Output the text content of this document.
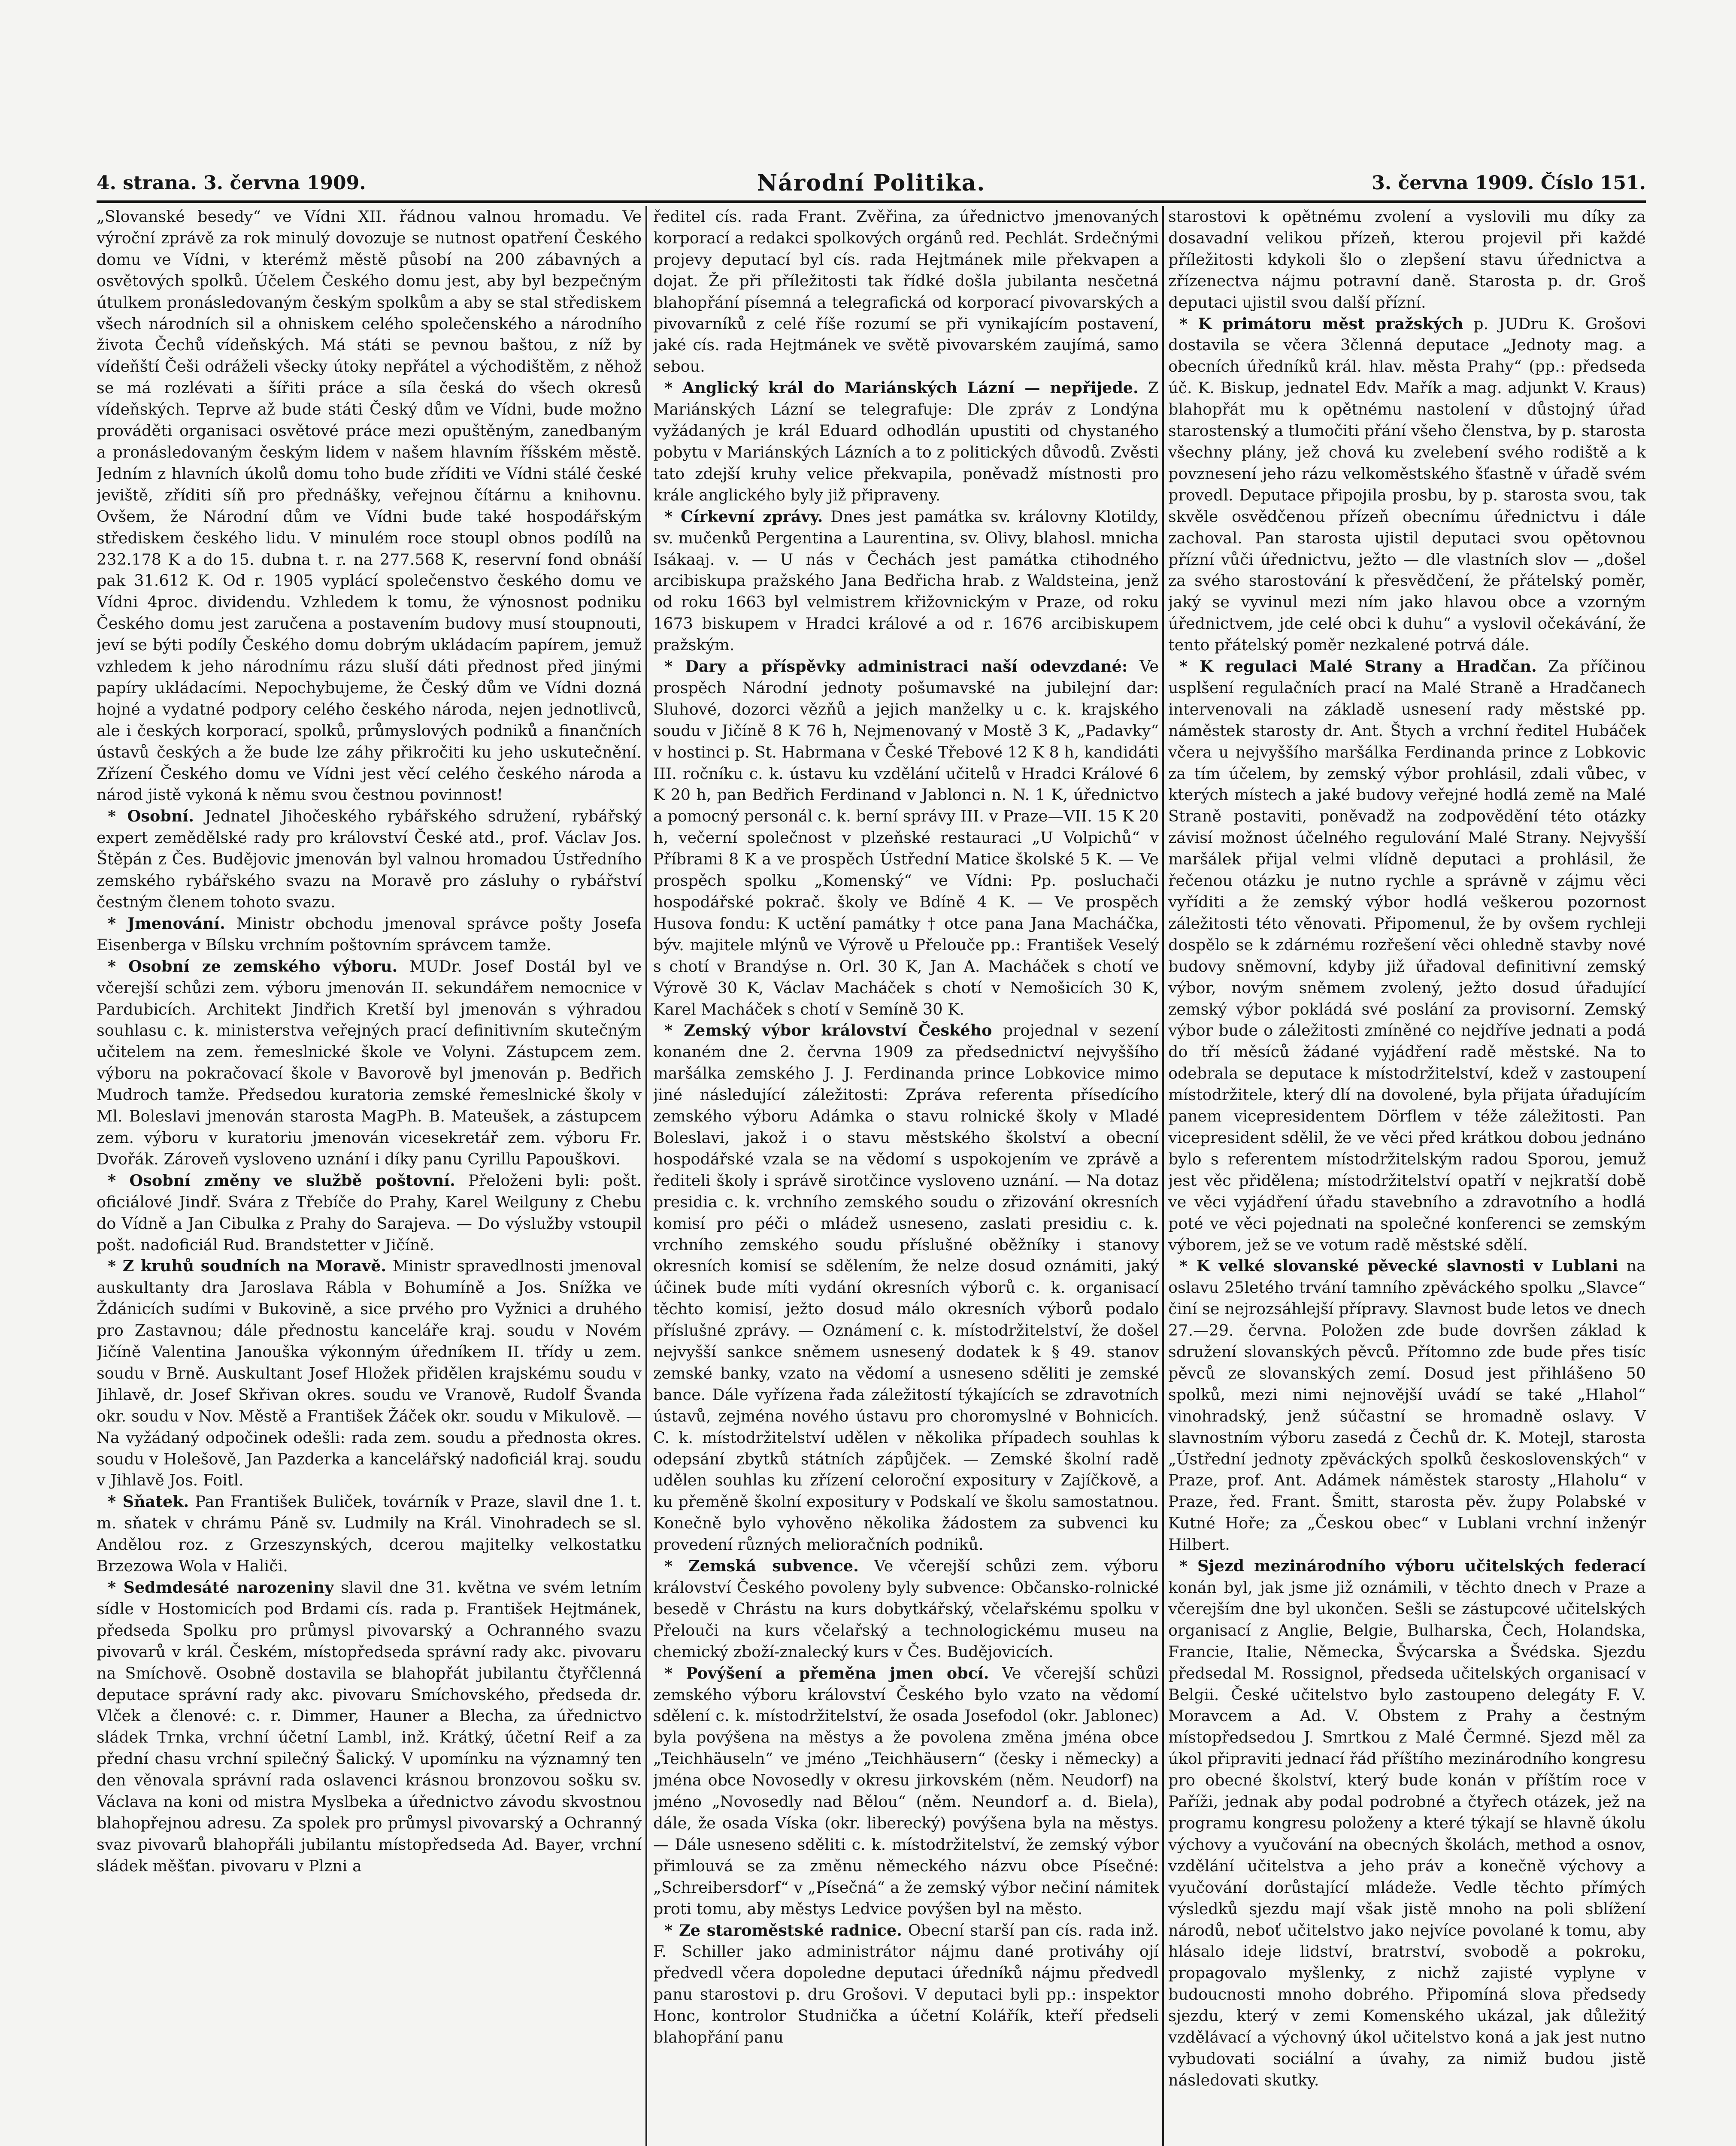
4. strana. 3. června 1909.	Národní Politika.	3. června 1909. Číslo 151.

„Slovanské besedy“ ve Vídni XII. řádnou valnou hromadu. Ve výroční zprávě za rok minulý dovozuje se nutnost opatření Českého domu ve Vídni, v kterémž městě působí na 200 zábavných a osvětových spolků. Účelem Českého domu jest, aby byl bezpečným útulkem pronásledovaným českým spolkům a aby se stal střediskem všech národních sil a ohniskem celého společenského a národního života Čechů vídeňských. Má státi se pevnou baštou, z níž by vídeňští Češi odráželi všecky útoky nepřátel a východištěm, z něhož se má rozlévati a šířiti práce a síla česká do všech okresů vídeňských. Teprve až bude státi Český dům ve Vídni, bude možno prováděti organisaci osvětové práce mezi opuštěným, zanedbaným a pronásledovaným českým lidem v našem hlavním říšském městě. Jedním z hlavních úkolů domu toho bude zříditi ve Vídni stálé české jeviště, zříditi síň pro přednášky, veřejnou čítárnu a knihovnu. Ovšem, že Národní dům ve Vídni bude také hospodářským střediskem českého lidu. V minulém roce stoupl obnos podílů na 232.178 K a do 15. dubna t. r. na 277.568 K, reservní fond obnáší pak 31.612 K. Od r. 1905 vyplácí společenstvo českého domu ve Vídni 4proc. dividendu. Vzhledem k tomu, že výnosnost podniku Českého domu jest zaručena a postavením budovy musí stoupnouti, jeví se býti podíly Českého domu dobrým ukládacím papírem, jemuž vzhledem k jeho národnímu rázu sluší dáti přednost před jinými papíry ukládacími. Nepochybujeme, že Český dům ve Vídni dozná hojné a vydatné podpory celého českého národa, nejen jednotlivců, ale i českých korporací, spolků, průmyslových podniků a finančních ústavů českých a že bude lze záhy přikročiti ku jeho uskutečnění. Zřízení Českého domu ve Vídni jest věcí celého českého národa a národ jistě vykoná k němu svou čestnou povinnost!

* Osobní. Jednatel Jihočeského rybářského sdružení, rybářský expert zemědělské rady pro království České atd., prof. Václav Jos. Štěpán z Čes. Budějovic jmenován byl valnou hromadou Ústředního zemského rybářského svazu na Moravě pro zásluhy o rybářství čestným členem tohoto svazu.

* Jmenování. Ministr obchodu jmenoval správce pošty Josefa Eisenberga v Bílsku vrchním poštovním správcem tamže.

* Osobní ze zemského výboru. MUDr. Josef Dostál byl ve včerejší schůzi zem. výboru jmenován II. sekundářem nemocnice v Pardubicích. Architekt Jindřich Kretší byl jmenován s výhradou souhlasu c. k. ministerstva veřejných prací definitivním skutečným učitelem na zem. řemeslnické škole ve Volyni. Zástupcem zem. výboru na pokračovací škole v Bavorově byl jmenován p. Bedřich Mudroch tamže. Předsedou kuratoria zemské řemeslnické školy v Ml. Boleslavi jmenován starosta MagPh. B. Mateušek, a zástupcem zem. výboru v kuratoriu jmenován vicesekretář zem. výboru Fr. Dvořák. Zároveň vysloveno uznání i díky panu Cyrillu Papouškovi.

* Osobní změny ve službě poštovní. Přeloženi byli: pošt. oficiálové Jindř. Svára z Třebíče do Prahy, Karel Weilguny z Chebu do Vídně a Jan Cibulka z Prahy do Sarajeva. — Do výslužby vstoupil pošt. nadoficiál Rud. Brandstetter v Jičíně.

* Z kruhů soudních na Moravě. Ministr spravedlnosti jmenoval auskultanty dra Jaroslava Rábla v Bohumíně a Jos. Snížka ve Ždánicích sudími v Bukovině, a sice prvého pro Vyžnici a druhého pro Zastavnou; dále přednostu kanceláře kraj. soudu v Novém Jičíně Valentina Janouška výkonným úředníkem II. třídy u zem. soudu v Brně. Auskultant Josef Hložek přidělen krajskému soudu v Jihlavě, dr. Josef Skřivan okres. soudu ve Vranově, Rudolf Švanda okr. soudu v Nov. Městě a František Žáček okr. soudu v Mikulově. — Na vyžádaný odpočinek odešli: rada zem. soudu a přednosta okres. soudu v Holešově, Jan Pazderka a kancelářský nadoficiál kraj. soudu v Jihlavě Jos. Foitl.

* Sňatek. Pan František Buliček, továrník v Praze, slavil dne 1. t. m. sňatek v chrámu Páně sv. Ludmily na Král. Vinohradech se sl. Andělou roz. z Grzeszynských, dcerou majitelky velkostatku Brzezowa Wola v Haliči.

* Sedmdesáté narozeniny slavil dne 31. května ve svém letním sídle v Hostomicích pod Brdami cís. rada p. František Hejtmánek, předseda Spolku pro průmysl pivovarský a Ochranného svazu pivovarů v král. Českém, místopředseda správní rady akc. pivovaru na Smíchově. Osobně dostavila se blahopřát jubilantu čtyřčlenná deputace správní rady akc. pivovaru Smíchovského, předseda dr. Vlček a členové: c. r. Dimmer, Hauner a Blecha, za úřednictvo sládek Trnka, vrchní účetní Lambl, inž. Krátký, účetní Reif a za přední chasu vrchní spilečný Šalický. V upomínku na významný ten den věnovala správní rada oslavenci krásnou bronzovou sošku sv. Václava na koni od mistra Myslbeka a úřednictvo závodu skvostnou blahopřejnou adresu. Za spolek pro průmysl pivovarský a Ochranný svaz pivovarů blahopřáli jubilantu místopředseda Ad. Bayer, vrchní sládek měšťan. pivovaru v Plzni a

ředitel cís. rada Frant. Zvěřina, za úřednictvo jmenovaných korporací a redakci spolkových orgánů red. Pechlát. Srdečnými projevy deputací byl cís. rada Hejtmánek mile překvapen a dojat. Že při příležitosti tak řídké došla jubilanta nesčetná blahopřání písemná a telegrafická od korporací pivovarských a pivovarníků z celé říše rozumí se při vynikajícím postavení, jaké cís. rada Hejtmánek ve světě pivovarském zaujímá, samo sebou.

* Anglický král do Mariánských Lázní — nepřijede. Z Mariánských Lázní se telegrafuje: Dle zpráv z Londýna vyžádaných je král Eduard odhodlán upustiti od chystaného pobytu v Mariánských Lázních a to z politických důvodů. Zvěsti tato zdejší kruhy velice překvapila, poněvadž místnosti pro krále anglického byly již připraveny.

* Církevní zprávy. Dnes jest památka sv. královny Klotildy, sv. mučenků Pergentina a Laurentina, sv. Olivy, blahosl. mnicha Isákaaj. v. — U nás v Čechách jest památka ctihodného arcibiskupa pražského Jana Bedřicha hrab. z Waldsteina, jenž od roku 1663 byl velmistrem křižovnickým v Praze, od roku 1673 biskupem v Hradci králové a od r. 1676 arcibiskupem pražským.

* Dary a příspěvky administraci naší odevzdané: Ve prospěch Národní jednoty pošumavské na jubilejní dar: Sluhové, dozorci vězňů a jejich manželky u c. k. krajského soudu v Jičíně 8 K 76 h, Nejmenovaný v Mostě 3 K, „Padavky“ v hostinci p. St. Habrmana v České Třebové 12 K 8 h, kandidáti III. ročníku c. k. ústavu ku vzdělání učitelů v Hradci Králové 6 K 20 h, pan Bedřich Ferdinand v Jablonci n. N. 1 K, úřednictvo a pomocný personál c. k. berní správy III. v Praze—VII. 15 K 20 h, večerní společnost v plzeňské restauraci „U Volpichů“ v Příbrami 8 K a ve prospěch Ústřední Matice školské 5 K. — Ve prospěch spolku „Komenský“ ve Vídni: Pp. posluchači hospodářské pokrač. školy ve Bdíně 4 K. — Ve prospěch Husova fondu: K uctění památky † otce pana Jana Macháčka, býv. majitele mlýnů ve Výrově u Přelouče pp.: František Veselý s chotí v Brandýse n. Orl. 30 K, Jan A. Macháček s chotí ve Výrově 30 K, Václav Macháček s chotí v Nemošicích 30 K, Karel Macháček s chotí v Semíně 30 K.

* Zemský výbor království Českého projednal v sezení konaném dne 2. června 1909 za předsednictví nejvyššího maršálka zemského J. J. Ferdinanda prince Lobkovice mimo jiné následující záležitosti: Zpráva referenta přísedícího zemského výboru Adámka o stavu rolnické školy v Mladé Boleslavi, jakož i o stavu městského školství a obecní hospodářské vzala se na vědomí s uspokojením ve zprávě a řediteli školy i správě sirotčince vysloveno uznání. — Na dotaz presidia c. k. vrchního zemského soudu o zřizování okresních komisí pro péči o mládež usneseno, zaslati presidiu c. k. vrchního zemského soudu příslušné oběžníky i stanovy okresních komisí se sdělením, že nelze dosud oznámiti, jaký účinek bude míti vydání okresních výborů c. k. organisací těchto komisí, ježto dosud málo okresních výborů podalo příslušné zprávy. — Oznámení c. k. místodržitelství, že došel nejvyšší sankce sněmem usnesený dodatek k § 49. stanov zemské banky, vzato na vědomí a usneseno sděliti je zemské bance. Dále vyřízena řada záležitostí týkajících se zdravotních ústavů, zejména nového ústavu pro choromyslné v Bohnicích. C. k. místodržitelství udělen v několika případech souhlas k odepsání zbytků státních zápůjček. — Zemské školní radě udělen souhlas ku zřízení celoroční expositury v Zajíčkově, a ku přeměně školní expositury v Podskalí ve školu samostatnou. Konečně bylo vyhověno několika žádostem za subvenci ku provedení různých melioračních podniků.

* Zemská subvence. Ve včerejší schůzi zem. výboru království Českého povoleny byly subvence: Občansko-rolnické besedě v Chrástu na kurs dobytkářský, včelařskému spolku v Přelouči na kurs včelařský a technologickému museu na chemický zboží-znalecký kurs v Čes. Budějovicích.

* Povýšení a přeměna jmen obcí. Ve včerejší schůzi zemského výboru království Českého bylo vzato na vědomí sdělení c. k. místodržitelství, že osada Josefodol (okr. Jablonec) byla povýšena na městys a že povolena změna jména obce „Teichhäuseln“ ve jméno „Teichhäusern“ (česky i německy) a jména obce Novosedly v okresu jirkovském (něm. Neudorf) na jméno „Novosedly nad Bělou“ (něm. Neundorf a. d. Biela), dále, že osada Víska (okr. liberecký) povýšena byla na městys. — Dále usneseno sděliti c. k. místodržitelství, že zemský výbor přimlouvá se za změnu německého názvu obce Písečné: „Schreibersdorf“ v „Písečná“ a že zemský výbor nečiní námitek proti tomu, aby městys Ledvice povýšen byl na město.

* Ze staroměstské radnice. Obecní starší pan cís. rada inž. F. Schiller jako administrátor nájmu dané protiváhy ojí předvedl včera dopoledne deputaci úředníků nájmu předvedl panu starostovi p. dru Grošovi. V deputaci byli pp.: inspektor Honc, kontrolor Studnička a účetní Kolářík, kteří předseli blahopřání panu

starostovi k opětnému zvolení a vyslovili mu díky za dosavadní velikou přízeň, kterou projevil při každé příležitosti kdykoli šlo o zlepšení stavu úřednictva a zřízenectva nájmu potravní daně. Starosta p. dr. Groš deputaci ujistil svou další přízní.

* K primátoru měst pražských p. JUDru K. Grošovi dostavila se včera 3členná deputace „Jednoty mag. a obecních úředníků král. hlav. města Prahy“ (pp.: předseda úč. K. Biskup, jednatel Edv. Mařík a mag. adjunkt V. Kraus) blahopřát mu k opětnému nastolení v důstojný úřad starostenský a tlumočiti přání všeho členstva, by p. starosta všechny plány, jež chová ku zvelebení svého rodiště a k povznesení jeho rázu velkoměstského šťastně v úřadě svém provedl. Deputace připojila prosbu, by p. starosta svou, tak skvěle osvědčenou přízeň obecnímu úřednictvu i dále zachoval. Pan starosta ujistil deputaci svou opětovnou přízní vůči úřednictvu, ježto — dle vlastních slov — „došel za svého starostování k přesvědčení, že přátelský poměr, jaký se vyvinul mezi ním jako hlavou obce a vzorným úřednictvem, jde celé obci k duhu“ a vyslovil očekávání, že tento přátelský poměr nezkalené potrvá dále.

* K regulaci Malé Strany a Hradčan. Za příčinou usplšení regulačních prací na Malé Straně a Hradčanech intervenovali na základě usnesení rady městské pp. náměstek starosty dr. Ant. Štych a vrchní ředitel Hubáček včera u nejvyššího maršálka Ferdinanda prince z Lobkovic za tím účelem, by zemský výbor prohlásil, zdali vůbec, v kterých místech a jaké budovy veřejné hodlá země na Malé Straně postaviti, poněvadž na zodpovědění této otázky závisí možnost účelného regulování Malé Strany. Nejvyšší maršálek přijal velmi vlídně deputaci a prohlásil, že řečenou otázku je nutno rychle a správně v zájmu věci vyříditi a že zemský výbor hodlá veškerou pozornost záležitosti této věnovati. Připomenul, že by ovšem rychleji dospělo se k zdárnému rozřešení věci ohledně stavby nové budovy sněmovní, kdyby již úřadoval definitivní zemský výbor, novým sněmem zvolený, ježto dosud úřadující zemský výbor pokládá své poslání za provisorní. Zemský výbor bude o záležitosti zmíněné co nejdříve jednati a podá do tří měsíců žádané vyjádření radě městské. Na to odebrala se deputace k místodržitelství, kdež v zastoupení místodržitele, který dlí na dovolené, byla přijata úřadujícím panem vicepresidentem Dörflem v téže záležitosti. Pan vicepresident sdělil, že ve věci před krátkou dobou jednáno bylo s referentem místodržitelským radou Sporou, jemuž jest věc přidělena; místodržitelství opatří v nejkratší době ve věci vyjádření úřadu stavebního a zdravotního a hodlá poté ve věci pojednati na společné konferenci se zemským výborem, jež se ve votum radě městské sdělí.

* K velké slovanské pěvecké slavnosti v Lublani na oslavu 25letého trvání tamního zpěváckého spolku „Slavce“ činí se nejrozsáhlejší přípravy. Slavnost bude letos ve dnech 27.—29. června. Položen zde bude dovršen základ k sdružení slovanských pěvců. Přítomno zde bude přes tisíc pěvců ze slovanských zemí. Dosud jest přihlášeno 50 spolků, mezi nimi nejnovější uvádí se také „Hlahol“ vinohradský, jenž súčastní se hromadně oslavy. V slavnostním výboru zasedá z Čechů dr. K. Motejl, starosta „Ústřední jednoty zpěváckých spolků československých“ v Praze, prof. Ant. Adámek náměstek starosty „Hlaholu“ v Praze, řed. Frant. Šmitt, starosta pěv. župy Polabské v Kutné Hoře; za „Českou obec“ v Lublani vrchní inženýr Hilbert.

* Sjezd mezinárodního výboru učitelských federací konán byl, jak jsme již oznámili, v těchto dnech v Praze a včerejším dne byl ukončen. Sešli se zástupcové učitelských organisací z Anglie, Belgie, Bulharska, Čech, Holandska, Francie, Italie, Německa, Švýcarska a Švédska. Sjezdu předsedal M. Rossignol, předseda učitelských organisací v Belgii. České učitelstvo bylo zastoupeno delegáty F. V. Moravcem a Ad. V. Obstem z Prahy a čestným místopředsedou J. Smrtkou z Malé Čermné. Sjezd měl za úkol připraviti jednací řád příštího mezinárodního kongresu pro obecné školství, který bude konán v příštím roce v Paříži, jednak aby podal podrobné a čtyřech otázek, jež na programu kongresu položeny a které týkají se hlavně úkolu výchovy a vyučování na obecných školách, method a osnov, vzdělání učitelstva a jeho práv a konečně výchovy a vyučování dorůstající mládeže. Vedle těchto přímých výsledků sjezdu mají však jistě mnoho na poli sblížení národů, neboť učitelstvo jako nejvíce povolané k tomu, aby hlásalo ideje lidství, bratrství, svobodě a pokroku, propagovalo myšlenky, z nichž zajisté vyplyne v budoucnosti mnoho dobrého. Připomíná slova předsedy sjezdu, který v zemi Komenského ukázal, jak důležitý vzdělávací a výchovný úkol učitelstvo koná a jak jest nutno vybudovati sociální a úvahy, za nimiž budou jistě následovati skutky.
